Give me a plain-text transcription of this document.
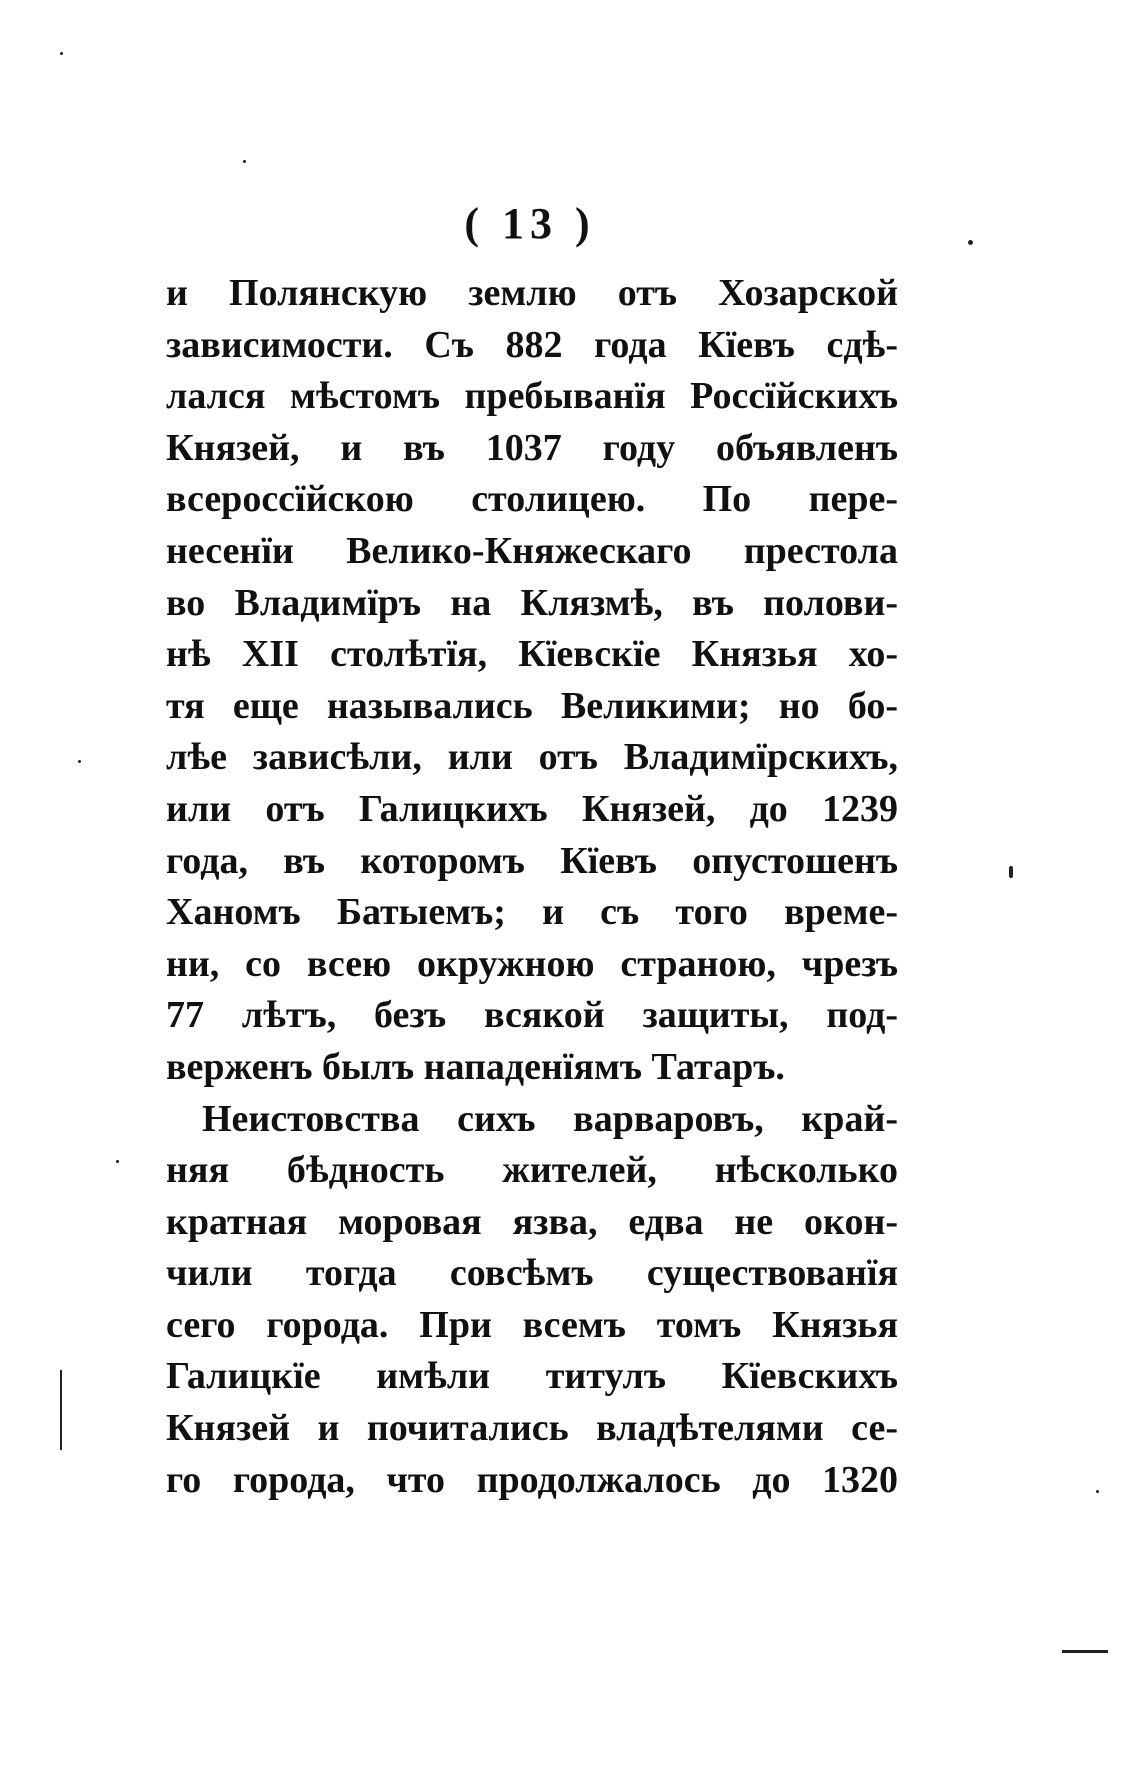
( 13 )
и Полянскую землю отъ Хозарской
зависимости. Съ 882 года Кїевъ сдѣ-
лался мѣстомъ пребыванїя Россїйскихъ
Князей, и въ 1037 году объявленъ
всероссїйскою столицею. По пере-
несенїи Велико-Княжескаго престола
во Владимїръ на Клязмѣ, въ полови-
нѣ XII столѣтїя, Кїевскїе Князья хо-
тя еще назывались Великими; но бо-
лѣе зависѣли, или отъ Владимїрскихъ,
или отъ Галицкихъ Князей, до 1239
года, въ которомъ Кїевъ опустошенъ
Ханомъ Батыемъ; и съ того време-
ни, со всею окружною страною, чрезъ
77 лѣтъ, безъ всякой защиты, под-
верженъ былъ нападенїямъ Татаръ.
Неистовства сихъ варваровъ, край-
няя бѣдность жителей, нѣсколько
кратная моровая язва, едва не окон-
чили тогда совсѣмъ существованїя
сего города. При всемъ томъ Князья
Галицкїе имѣли титулъ Кїевскихъ
Князей и почитались владѣтелями се-
го города, что продолжалось до 1320
